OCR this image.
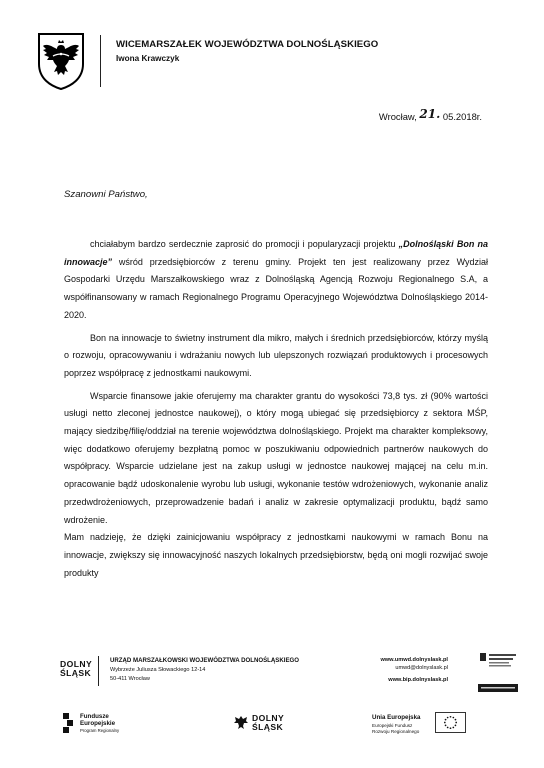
WICEMARSZAŁEK WOJEWÓDZTWA DOLNOŚLĄSKIEGO
Iwona Krawczyk
Wrocław, 21. 05.2018r.
Szanowni Państwo,

chciałabym bardzo serdecznie zaprosić do promocji i popularyzacji projektu „Dolnośląski Bon na innowacje” wśród przedsiębiorców z terenu gminy. Projekt ten jest realizowany przez Wydział Gospodarki Urzędu Marszałkowskiego wraz z Dolnośląską Agencją Rozwoju Regionalnego S.A, a współfinansowany w ramach Regionalnego Programu Operacyjnego Województwa Dolnośląskiego 2014-2020.

Bon na innowacje to świetny instrument dla mikro, małych i średnich przedsiębiorców, którzy myślą o rozwoju, opracowywaniu i wdrażaniu nowych lub ulepszonych rozwiązań produktowych i procesowych poprzez współpracę z jednostkami naukowymi.

Wsparcie finansowe jakie oferujemy ma charakter grantu do wysokości 73,8 tys. zł (90% wartości usługi netto zleconej jednostce naukowej), o który mogą ubiegać się przedsiębiorcy z sektora MŚP, mający siedzibę/filię/oddział na terenie województwa dolnośląskiego. Projekt ma charakter kompleksowy, więc dodatkowo oferujemy bezpłatną pomoc w poszukiwaniu odpowiednich partnerów naukowych do współpracy. Wsparcie udzielane jest na zakup usługi w jednostce naukowej mającej na celu m.in. opracowanie bądź udoskonalenie wyrobu lub usługi, wykonanie testów wdrożeniowych, wykonanie analiz przedwdrożeniowych, przeprowadzenie badań i analiz w zakresie optymalizacji produktu, bądź samo wdrożenie.

Mam nadzieję, że dzięki zainicjowaniu współpracy z jednostkami naukowymi w ramach Bonu na innowacje, zwiększy się innowacyjność naszych lokalnych przedsiębiorstw, będą oni mogli rozwijać swoje produkty

DOLNY
ŚLĄSK
URZĄD MARSZAŁKOWSKI WOJEWÓDZTWA DOLNOŚLĄSKIEGO
Wybrzeże Juliusza Słowackiego 12-14
50-411 Wrocław
www.umwd.dolnyslask.pl
umwd@dolnyslask.pl
www.bip.dolnyslask.pl
Fundusze
Europejskie
Program Regionalny
DOLNY
ŚLĄSK
Unia Europejska
Europejski Fundusz
Rozwoju Regionalnego
